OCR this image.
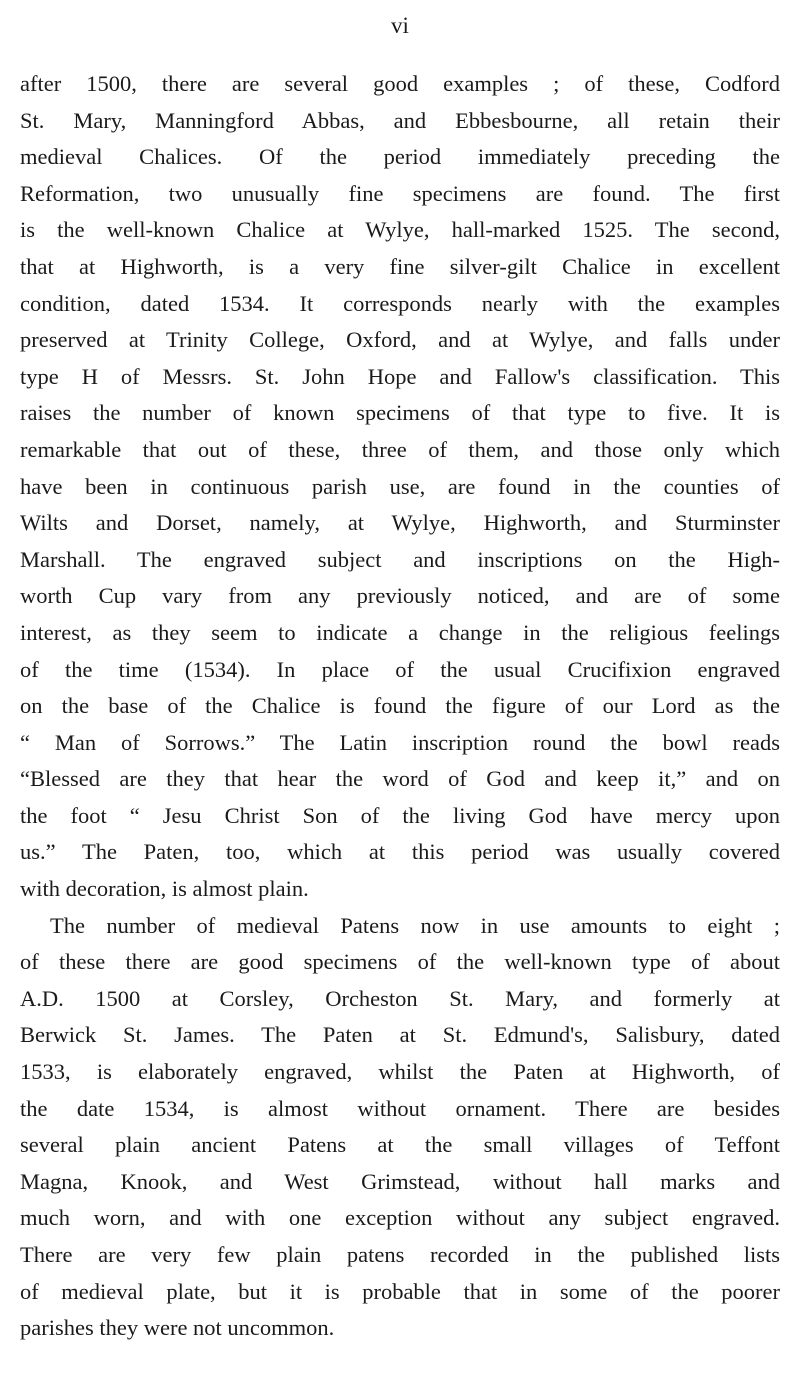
vi
after 1500, there are several good examples ; of these, Codford
St. Mary, Manningford Abbas, and Ebbesbourne, all retain their
medieval Chalices. Of the period immediately preceding the
Reformation, two unusually fine specimens are found. The first
is the well-known Chalice at Wylye, hall-marked 1525. The second,
that at Highworth, is a very fine silver-gilt Chalice in excellent
condition, dated 1534. It corresponds nearly with the examples
preserved at Trinity College, Oxford, and at Wylye, and falls under
type H of Messrs. St. John Hope and Fallow's classification. This
raises the number of known specimens of that type to five. It is
remarkable that out of these, three of them, and those only which
have been in continuous parish use, are found in the counties of
Wilts and Dorset, namely, at Wylye, Highworth, and Sturminster
Marshall. The engraved subject and inscriptions on the High-
worth Cup vary from any previously noticed, and are of some
interest, as they seem to indicate a change in the religious feelings
of the time (1534). In place of the usual Crucifixion engraved
on the base of the Chalice is found the figure of our Lord as the
“ Man of Sorrows.” The Latin inscription round the bowl reads
“Blessed are they that hear the word of God and keep it,” and on
the foot “ Jesu Christ Son of the living God have mercy upon
us.” The Paten, too, which at this period was usually covered
with decoration, is almost plain.
The number of medieval Patens now in use amounts to eight ;
of these there are good specimens of the well-known type of about
A.D. 1500 at Corsley, Orcheston St. Mary, and formerly at
Berwick St. James. The Paten at St. Edmund's, Salisbury, dated
1533, is elaborately engraved, whilst the Paten at Highworth, of
the date 1534, is almost without ornament. There are besides
several plain ancient Patens at the small villages of Teffont
Magna, Knook, and West Grimstead, without hall marks and
much worn, and with one exception without any subject engraved.
There are very few plain patens recorded in the published lists
of medieval plate, but it is probable that in some of the poorer
parishes they were not uncommon.
